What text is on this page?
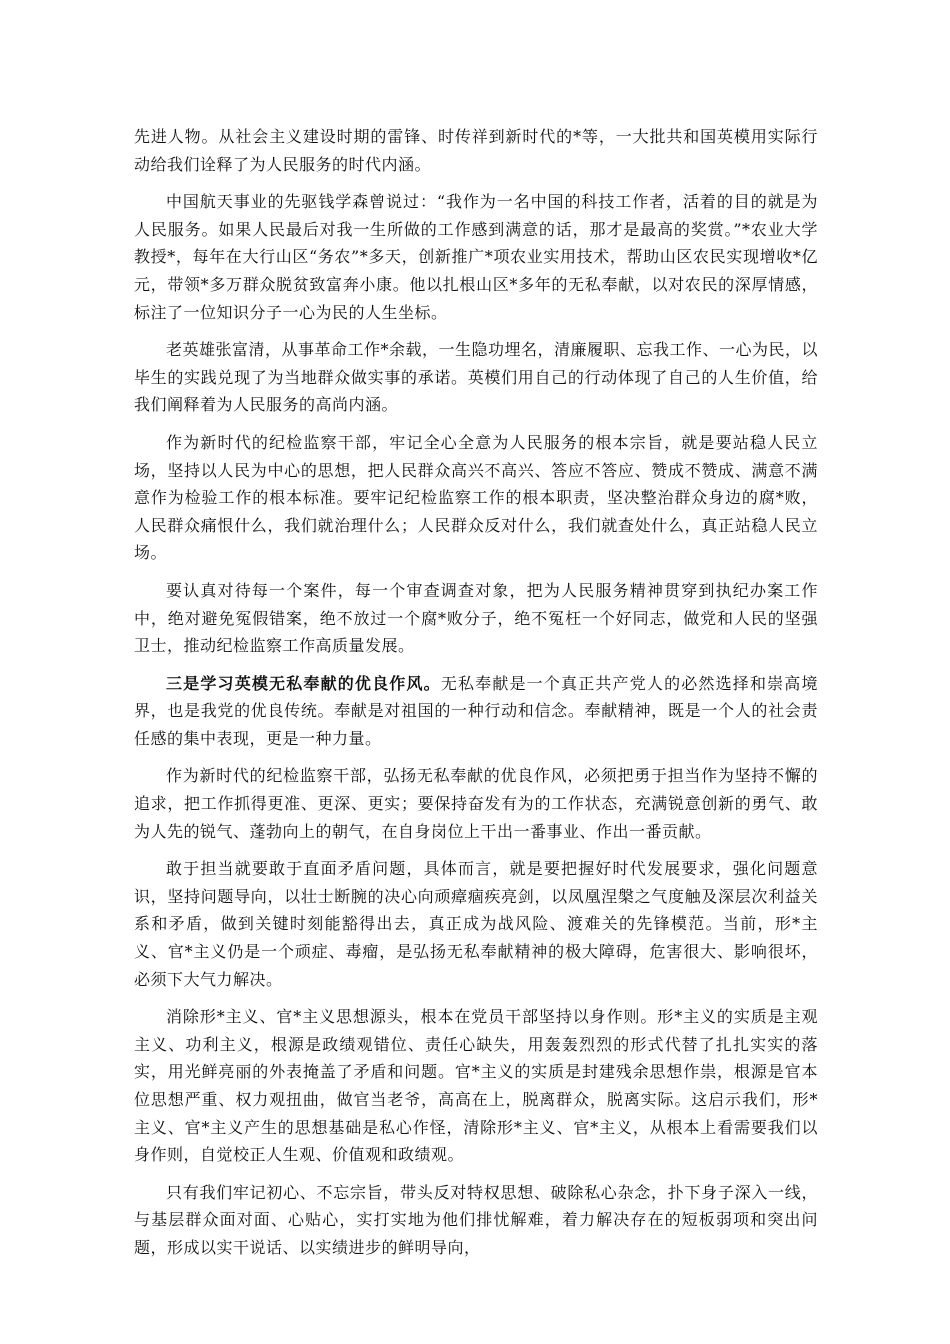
先进人物。从社会主义建设时期的雷锋、时传祥到新时代的*等，一大批共和国英模用实际行动给我们诠释了为人民服务的时代内涵。

中国航天事业的先驱钱学森曾说过：“我作为一名中国的科技工作者，活着的目的就是为人民服务。如果人民最后对我一生所做的工作感到满意的话，那才是最高的奖赏。”*农业大学教授*，每年在大行山区“务农”*多天，创新推广*项农业实用技术，帮助山区农民实现增收*亿元，带领*多万群众脱贫致富奔小康。他以扎根山区*多年的无私奉献，以对农民的深厚情感，标注了一位知识分子一心为民的人生坐标。

老英雄张富清，从事革命工作*余载，一生隐功埋名，清廉履职、忘我工作、一心为民，以毕生的实践兑现了为当地群众做实事的承诺。英模们用自己的行动体现了自己的人生价值，给我们阐释着为人民服务的高尚内涵。

作为新时代的纪检监察干部，牢记全心全意为人民服务的根本宗旨，就是要站稳人民立场，坚持以人民为中心的思想，把人民群众高兴不高兴、答应不答应、赞成不赞成、满意不满意作为检验工作的根本标准。要牢记纪检监察工作的根本职责，坚决整治群众身边的腐*败，人民群众痛恨什么，我们就治理什么；人民群众反对什么，我们就查处什么，真正站稳人民立场。

要认真对待每一个案件，每一个审查调查对象，把为人民服务精神贯穿到执纪办案工作中，绝对避免冤假错案，绝不放过一个腐*败分子，绝不冤枉一个好同志，做党和人民的坚强卫士，推动纪检监察工作高质量发展。

三是学习英模无私奉献的优良作风。无私奉献是一个真正共产党人的必然选择和崇高境界，也是我党的优良传统。奉献是对祖国的一种行动和信念。奉献精神，既是一个人的社会责任感的集中表现，更是一种力量。

作为新时代的纪检监察干部，弘扬无私奉献的优良作风，必须把勇于担当作为坚持不懈的追求，把工作抓得更准、更深、更实；要保持奋发有为的工作状态，充满锐意创新的勇气、敢为人先的锐气、蓬勃向上的朝气，在自身岗位上干出一番事业、作出一番贡献。

敢于担当就要敢于直面矛盾问题，具体而言，就是要把握好时代发展要求，强化问题意识，坚持问题导向，以壮士断腕的决心向顽瘴痼疾亮剑，以凤凰涅槃之气度触及深层次利益关系和矛盾，做到关键时刻能豁得出去，真正成为战风险、渡难关的先锋模范。当前，形*主义、官*主义仍是一个顽症、毒瘤，是弘扬无私奉献精神的极大障碍，危害很大、影响很坏，必须下大气力解决。

消除形*主义、官*主义思想源头，根本在党员干部坚持以身作则。形*主义的实质是主观主义、功利主义，根源是政绩观错位、责任心缺失，用轰轰烈烈的形式代替了扎扎实实的落实，用光鲜亮丽的外表掩盖了矛盾和问题。官*主义的实质是封建残余思想作祟，根源是官本位思想严重、权力观扭曲，做官当老爷，高高在上，脱离群众，脱离实际。这启示我们，形*主义、官*主义产生的思想基础是私心作怪，清除形*主义、官*主义，从根本上看需要我们以身作则，自觉校正人生观、价值观和政绩观。

只有我们牢记初心、不忘宗旨，带头反对特权思想、破除私心杂念，扑下身子深入一线，与基层群众面对面、心贴心，实打实地为他们排忧解难，着力解决存在的短板弱项和突出问题，形成以实干说话、以实绩进步的鲜明导向，
